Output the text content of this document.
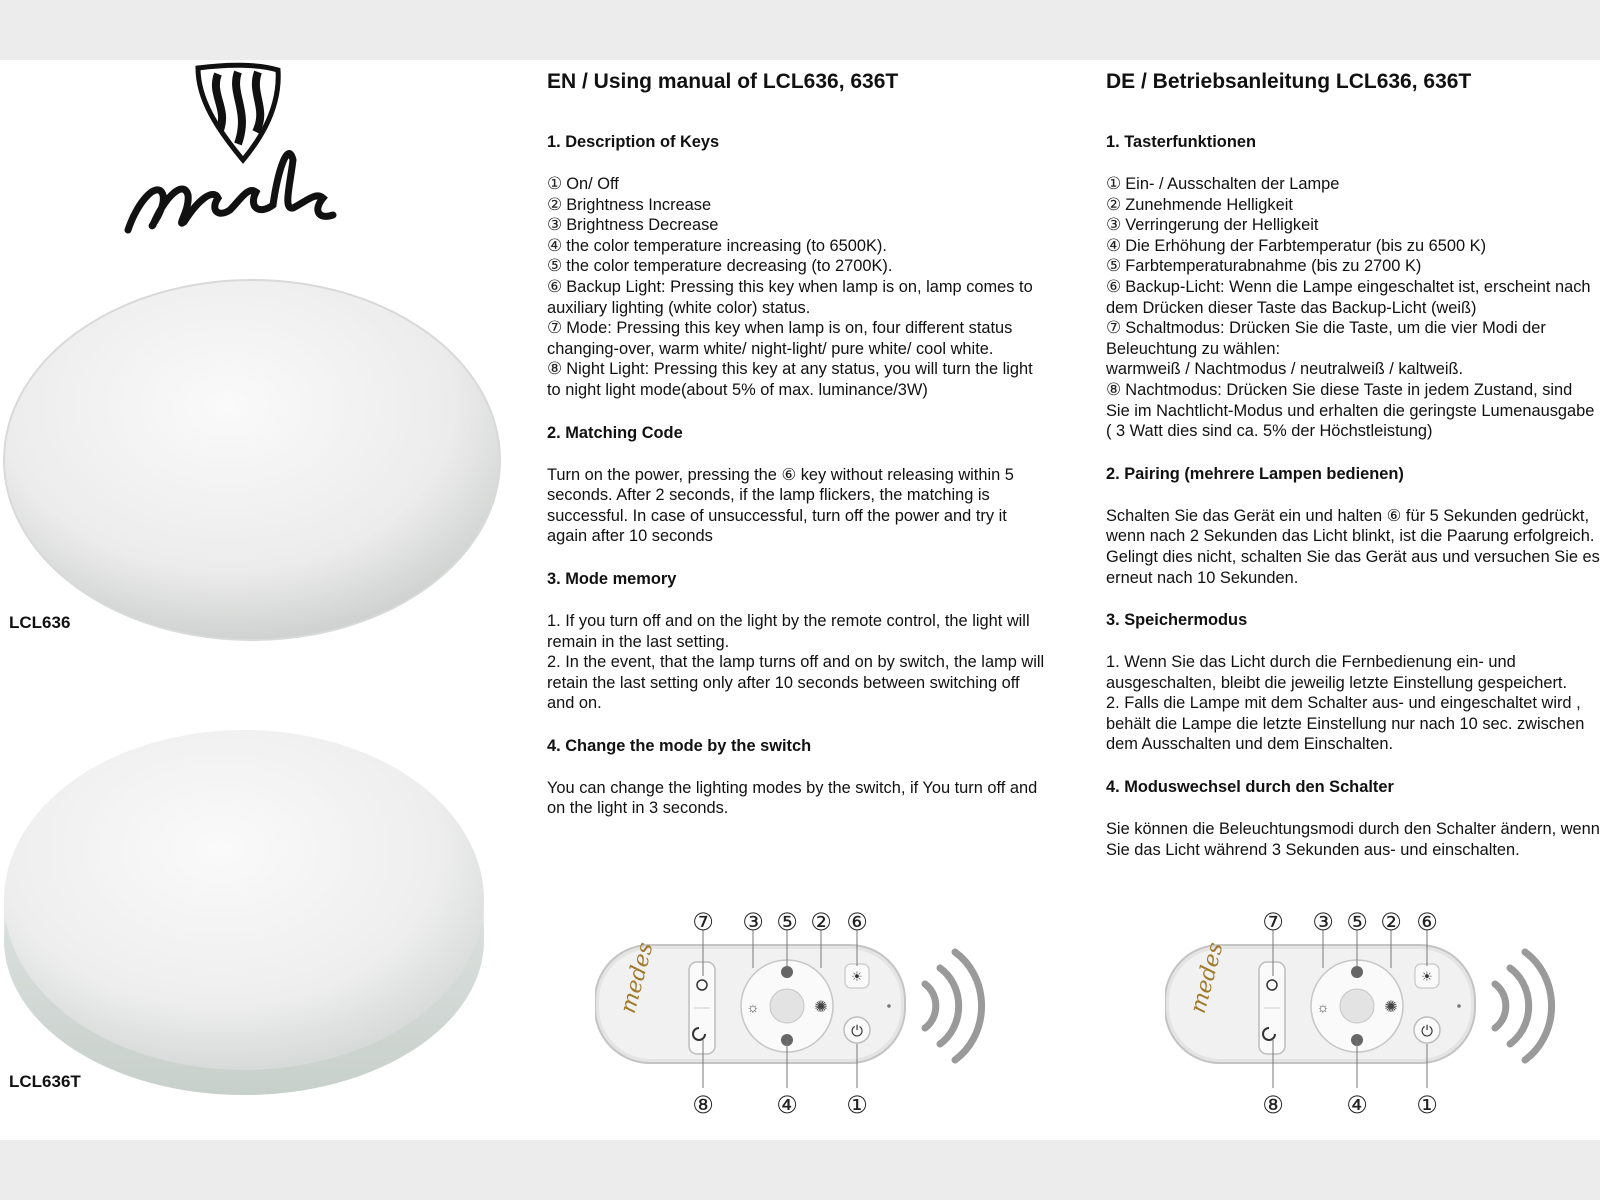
medes
LCL636
LCL636T
EN / Using manual of LCL636, 636T
1. Description of Keys

① On/ Off

② Brightness Increase

③ Brightness Decrease

④ the color temperature increasing (to 6500K).

⑤ the color temperature decreasing (to 2700K).

⑥ Backup Light: Pressing this key when lamp is on, lamp comes to auxiliary lighting (white color) status.

⑦ Mode: Pressing this key when lamp is on, four different status changing-over, warm white/ night-light/ pure white/ cool white.

⑧ Night Light: Pressing this key at any status, you will turn the light to night light mode(about 5% of max. luminance/3W)

2. Matching Code

Turn on the power, pressing the ⑥ key without releasing within 5 seconds. After 2 seconds, if the lamp flickers, the matching is successful. In case of unsuccessful, turn off the power and try it again after 10 seconds

3. Mode memory

1. If you turn off and on the light by the remote control, the light will remain in the last setting.

2. In the event, that the lamp turns off and on by switch, the lamp will retain the last setting only after 10 seconds between switching off and on.

4. Change the mode by the switch

You can change the lighting modes by the switch, if You turn off and on the light in 3 seconds.

DE / Betriebsanleitung LCL636, 636T
1. Tasterfunktionen

① Ein- / Ausschalten der Lampe

② Zunehmende Helligkeit

③ Verringerung der Helligkeit

④ Die Erhöhung der Farbtemperatur (bis zu 6500 K)

⑤ Farbtemperaturabnahme (bis zu 2700 K)

⑥ Backup-Licht: Wenn die Lampe eingeschaltet ist, erscheint nach dem Drücken dieser Taste das Backup-Licht (weiß)

⑦ Schaltmodus: Drücken Sie die Taste, um die vier Modi der Beleuchtung zu wählen:

warmweiß / Nachtmodus / neutralweiß / kaltweiß.

⑧ Nachtmodus: Drücken Sie diese Taste in jedem Zustand, sind Sie im Nachtlicht-Modus und erhalten die geringste Lumenausgabe ( 3 Watt dies sind ca. 5% der Höchstleistung)

2. Pairing (mehrere Lampen bedienen)

Schalten Sie das Gerät ein und halten ⑥ für 5 Sekunden gedrückt, wenn nach 2 Sekunden das Licht blinkt, ist die Paarung erfolgreich. Gelingt dies nicht, schalten Sie das Gerät aus und versuchen Sie es erneut nach 10 Sekunden.

3. Speichermodus

1. Wenn Sie das Licht durch die Fernbedienung ein- und ausgeschalten, bleibt die jeweilig letzte Einstellung gespeichert.

2. Falls die Lampe mit dem Schalter aus- und eingeschaltet wird , behält die Lampe die letzte Einstellung nur nach 10 sec. zwischen dem Ausschalten und dem Einschalten.

4. Moduswechsel durch den Schalter

Sie können die Beleuchtungsmodi durch den Schalter ändern, wenn Sie das Licht während 3 Sekunden aus- und einschalten.

medes	☼	✺
☀
⏻
⑦ ③ ⑤ ② ⑥
⑧	④ ①
medes	☼	✺
☀
⏻
⑦ ③ ⑤ ② ⑥
⑧	④ ①
